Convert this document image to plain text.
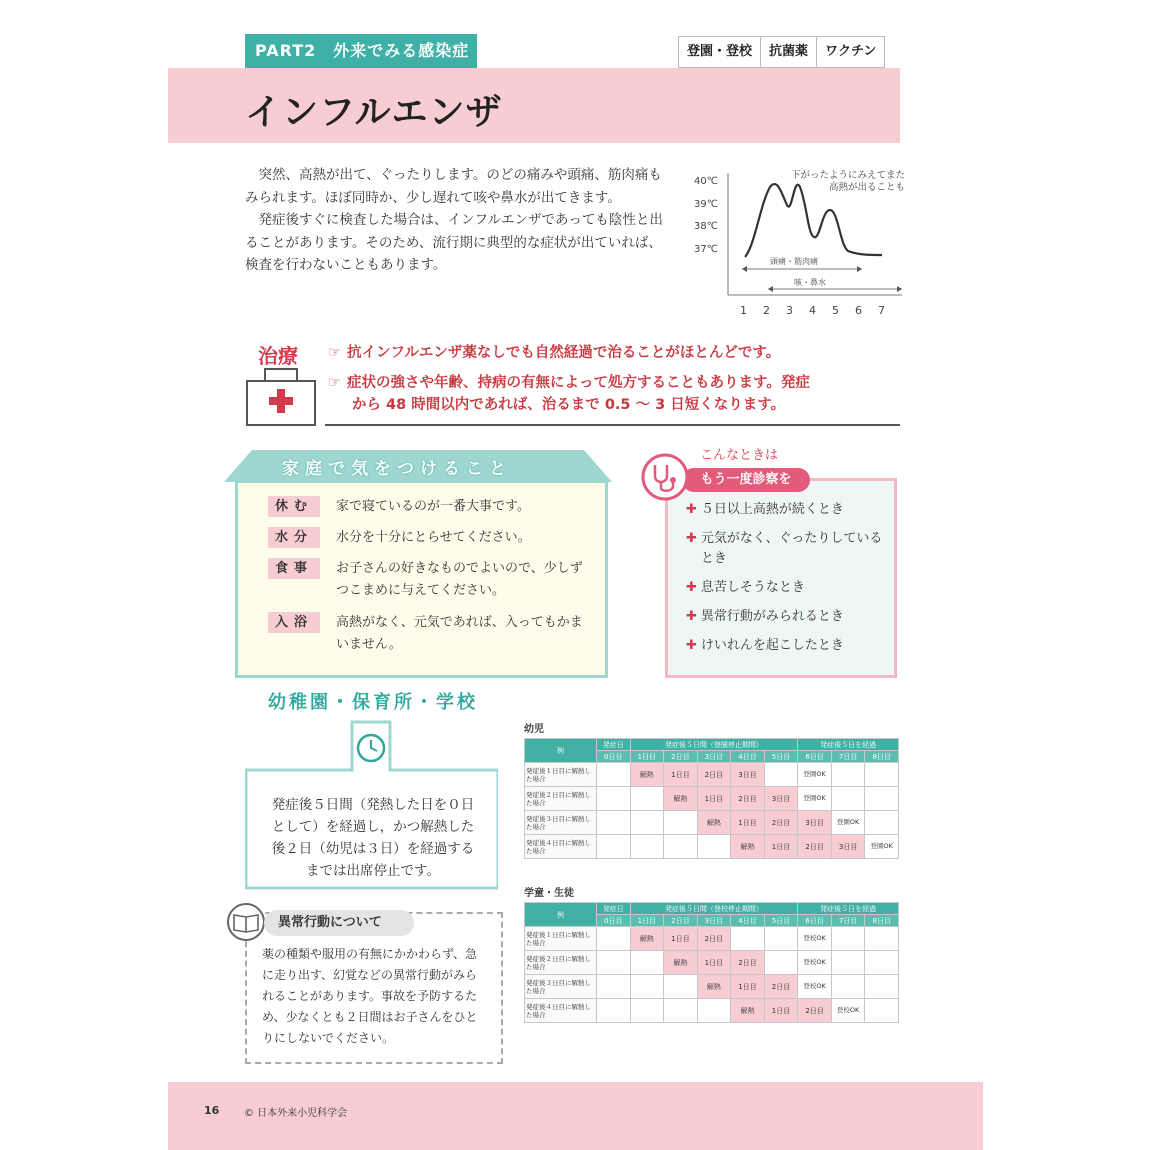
PART2　外来でみる感染症	登園・登校	抗菌薬	ワクチン
インフルエンザ

突然、高熱が出て、ぐったりします。のどの痛みや頭痛、筋肉痛もみられます。ほぼ同時か、少し遅れて咳や鼻水が出てきます。

発症後すぐに検査した場合は、インフルエンザであっても陰性と出ることがあります。そのため、流行期に典型的な症状が出ていれば、検査を行わないこともあります。

40℃
39℃
38℃
37℃
頭痛・筋肉痛
咳・鼻水
1 2 3 4 5 6 7
下がったようにみえてまた高熱が出ることも
治療 ☞ 抗インフルエンザ薬なしでも自然経過で治ることがほとんどです。
☞ 症状の強さや年齢、持病の有無によって処方することもあります。発症
から 48 時間以内であれば、治るまで 0.5 〜 3 日短くなります。
家庭で気をつけること
休む	家で寝ているのが一番大事です。
水分	水分を十分にとらせてください。
食事	お子さんの好きなものでよいので、少しずつこまめに与えてください。
入浴	高熱がなく、元気であれば、入ってもかまいません。
こんなときは
もう一度診察を
✚ ５日以上高熱が続くとき
✚ 元気がなく、ぐったりしているとき
✚ 息苦しそうなとき
✚ 異常行動がみられるとき
✚ けいれんを起こしたとき
幼稚園・保育所・学校
発症後５日間（発熱した日を０日として）を経過し，かつ解熱した後２日（幼児は３日）を経過するまでは出席停止です。
異常行動について
薬の種類や服用の有無にかかわらず、急に走り出す、幻覚などの異常行動がみられることがあります。事故を予防するため、少なくとも２日間はお子さんをひとりにしないでください。
幼児
例	発症日	発症後５日間（登園停止期間）					発症後５日を経過		
	0日目	1日目	2日目	3日目	4日目	5日目	6日目	7日目	8日目
発症後１日目に解熱した場合		解熱	1日目	2日目	3日目		登園OK		
発症後２日目に解熱した場合			解熱	1日目	2日目	3日目	登園OK		
発症後３日目に解熱した場合				解熱	1日目	2日目	3日目	登園OK	
発症後４日目に解熱した場合					解熱	1日目	2日目	3日目	登園OK
学童・生徒
例	発症日	発症後５日間（登校停止期間）					発症後５日を経過		
	0日目	1日目	2日目	3日目	4日目	5日目	6日目	7日目	8日目
発症後１日目に解熱した場合		解熱	1日目	2日目			登校OK		
発症後２日目に解熱した場合			解熱	1日目	2日目		登校OK		
発症後３日目に解熱した場合				解熱	1日目	2日目	登校OK		
発症後４日目に解熱した場合					解熱	1日目	2日目	登校OK	
16 © 日本外来小児科学会
